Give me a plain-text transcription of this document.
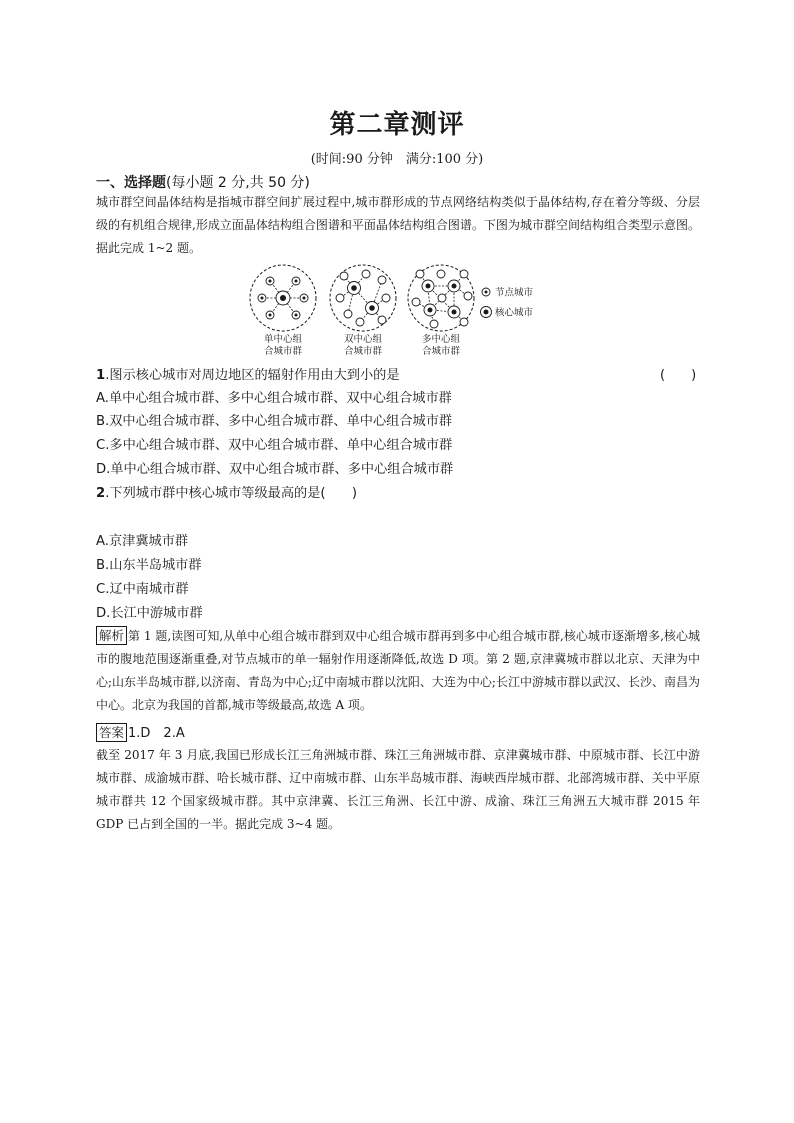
第二章测评
(时间:90 分钟　满分:100 分)
一、选择题(每小题 2 分,共 50 分)
城市群空间晶体结构是指城市群空间扩展过程中,城市群形成的节点网络结构类似于晶体结构,存在着分等级、分层级的有机组合规律,形成立面晶体结构组合图谱和平面晶体结构组合图谱。下图为城市群空间结构组合类型示意图。据此完成 1~2 题。
单中心组
合城市群
双中心组
合城市群
多中心组
合城市群
节点城市
核心城市
1.图示核心城市对周边地区的辐射作用由大到小的是	(　　)
A.单中心组合城市群、多中心组合城市群、双中心组合城市群
B.双中心组合城市群、多中心组合城市群、单中心组合城市群
C.多中心组合城市群、双中心组合城市群、单中心组合城市群
D.单中心组合城市群、双中心组合城市群、多中心组合城市群
2.下列城市群中核心城市等级最高的是(　　)
A.京津冀城市群
B.山东半岛城市群
C.辽中南城市群
D.长江中游城市群
解析 第 1 题,读图可知,从单中心组合城市群到双中心组合城市群再到多中心组合城市群,核心城市逐渐增多,核心城市的腹地范围逐渐重叠,对节点城市的单一辐射作用逐渐降低,故选 D 项。第 2 题,京津冀城市群以北京、天津为中心;山东半岛城市群,以济南、青岛为中心;辽中南城市群以沈阳、大连为中心;长江中游城市群以武汉、长沙、南昌为中心。北京为我国的首都,城市等级最高,故选 A 项。
答案 1.D　2.A
截至 2017 年 3 月底,我国已形成长江三角洲城市群、珠江三角洲城市群、京津冀城市群、中原城市群、长江中游城市群、成渝城市群、哈长城市群、辽中南城市群、山东半岛城市群、海峡西岸城市群、北部湾城市群、关中平原城市群共 12 个国家级城市群。其中京津冀、长江三角洲、长江中游、成渝、珠江三角洲五大城市群 2015 年 GDP 已占到全国的一半。据此完成 3~4 题。
